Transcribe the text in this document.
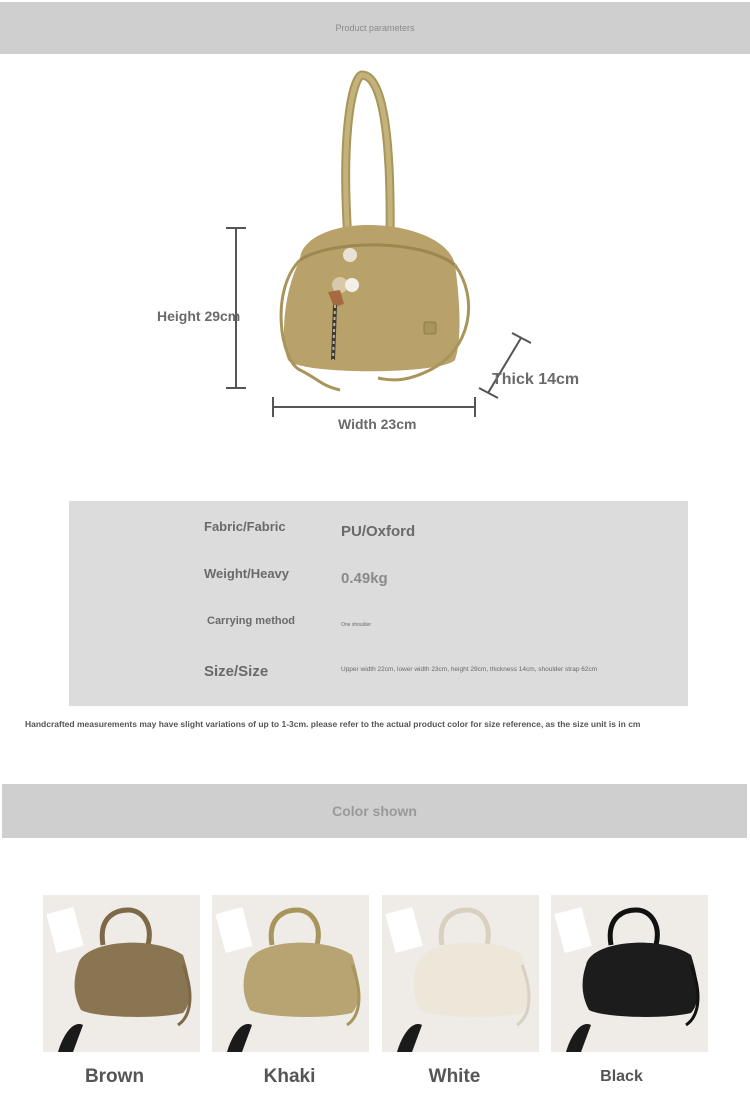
Product parameters
Height 29cm
Width 23cm
Thick 14cm
Fabric/Fabric	PU/Oxford
Weight/Heavy	0.49kg
Carrying method	One shoulder
Size/Size	Upper width 22cm, lower width 23cm, height 29cm, thickness 14cm, shoulder strap 62cm
Handcrafted measurements may have slight variations of up to 1-3cm. please refer to the actual product color for size reference, as the size unit is in cm
Color shown
Brown	Khaki	White	Black
